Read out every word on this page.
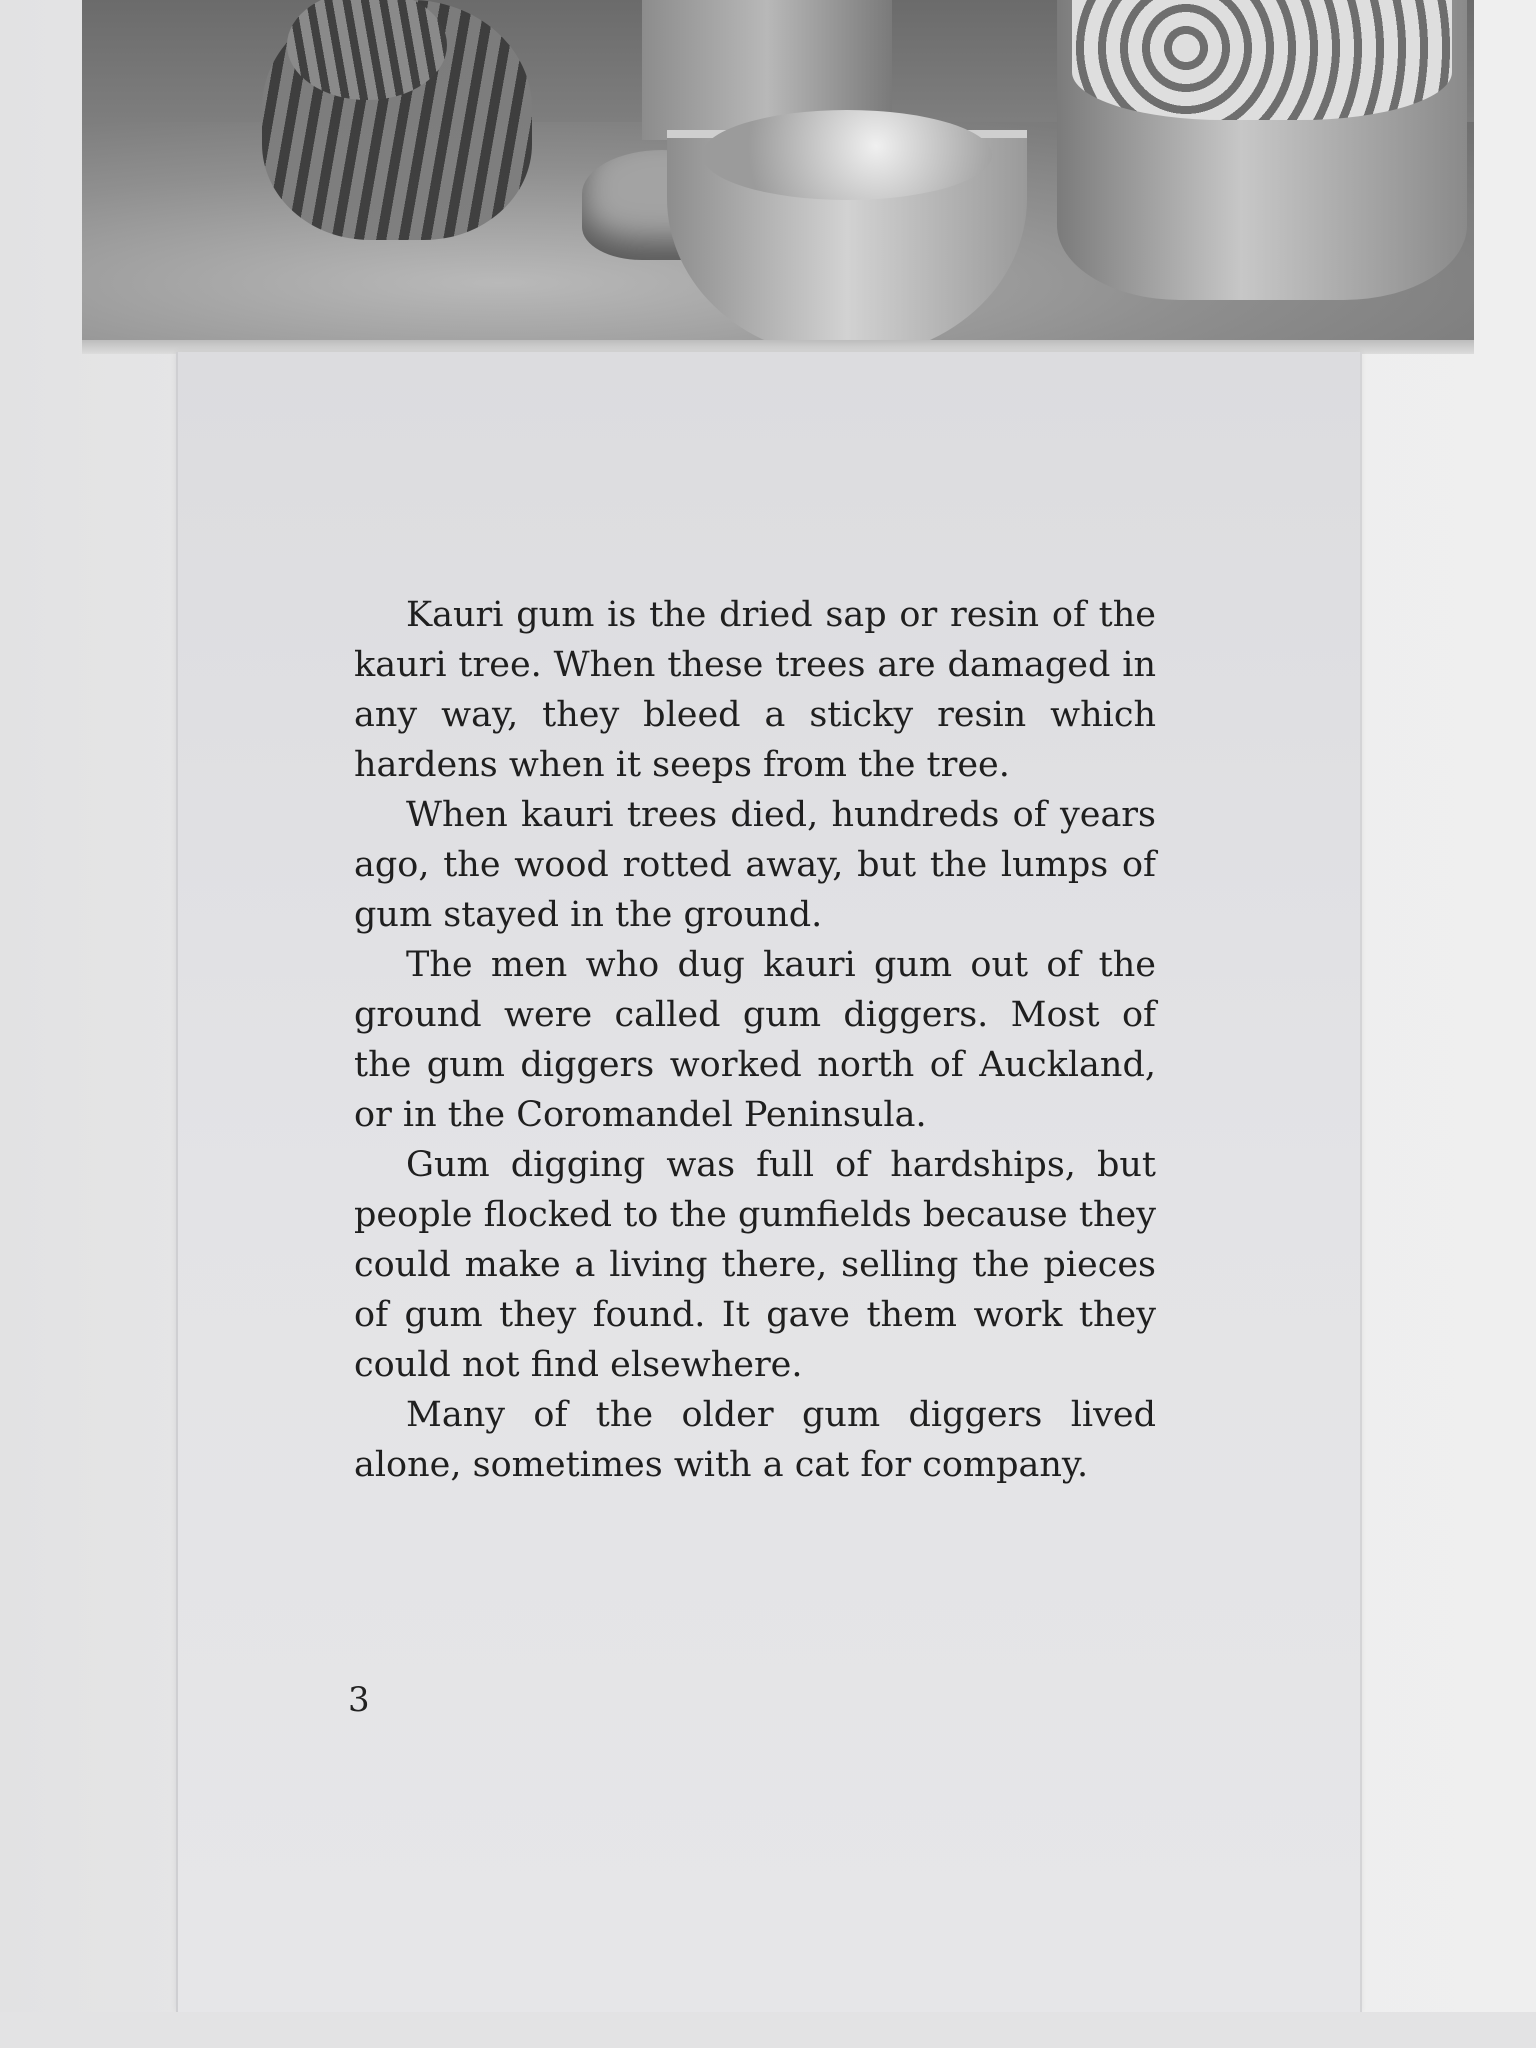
Kauri gum is the dried sap or resin of the kauri tree. When these trees are damaged in any way, they bleed a sticky resin which hardens when it seeps from the tree.

When kauri trees died, hundreds of years ago, the wood rotted away, but the lumps of gum stayed in the ground.

The men who dug kauri gum out of the ground were called gum diggers. Most of the gum diggers worked north of Auckland, or in the Coromandel Peninsula.

Gum digging was full of hardships, but people flocked to the gumfields because they could make a living there, selling the pieces of gum they found. It gave them work they could not find elsewhere.

Many of the older gum diggers lived alone, sometimes with a cat for company.

3
